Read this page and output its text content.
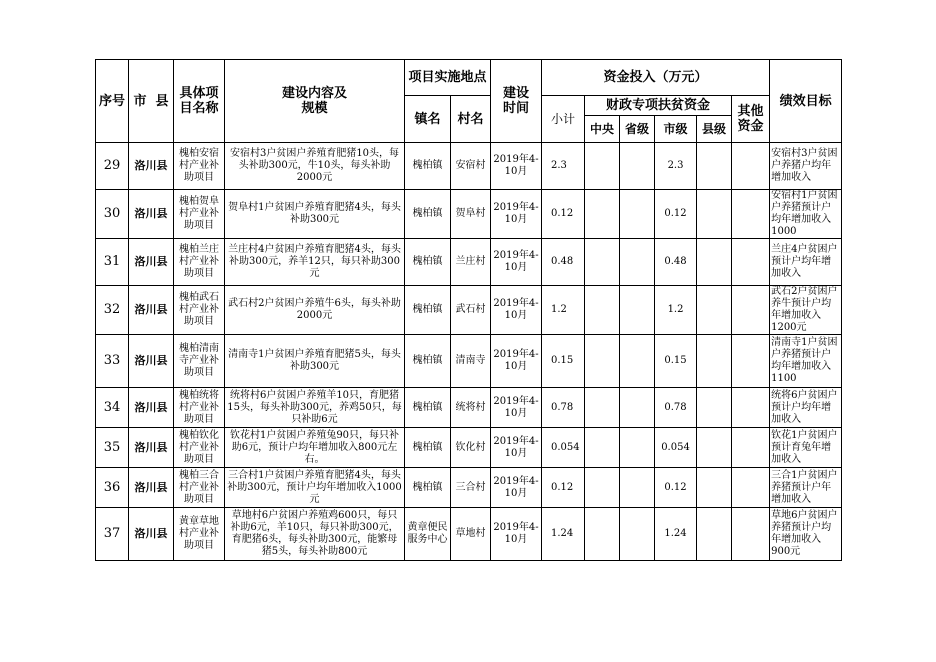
序号	市  县	具体项目名称	建设内容及规模	项目实施地点		建设时间	资金投入（万元）						绩效目标
				镇名	村名		小计	财政专项扶贫资金				其他资金	
								中央	省级	市级	县级		
29	洛川县	槐柏安宿村产业补助项目	安宿村3户贫困户养殖育肥猪10头，每头补助300元，牛10头，每头补助2000元	槐柏镇	安宿村	2019年4-10月	2.3			2.3			安宿村3户贫困户养猪户均年增加收入
30	洛川县	槐柏贺阜村产业补助项目	贺阜村1户贫困户养殖育肥猪4头，每头补助300元	槐柏镇	贺阜村	2019年4-10月	0.12			0.12			安宿村1户贫困户养猪预计户均年增加收入1000
31	洛川县	槐柏兰庄村产业补助项目	兰庄村4户贫困户养殖育肥猪4头，每头补助300元，养羊12只，每只补助300元	槐柏镇	兰庄村	2019年4-10月	0.48			0.48			兰庄4户贫困户预计户均年增加收入
32	洛川县	槐柏武石村产业补助项目	武石村2户贫困户养殖牛6头，每头补助2000元	槐柏镇	武石村	2019年4-10月	1.2			1.2			武石2户贫困户养牛预计户均年增加收入1200元
33	洛川县	槐柏清南寺产业补助项目	清南寺1户贫困户养殖育肥猪5头，每头补助300元	槐柏镇	清南寺	2019年4-10月	0.15			0.15			清南寺1户贫困户养猪预计户均年增加收入1100
34	洛川县	槐柏统将村产业补助项目	统将村6户贫困户养殖羊10只，育肥猪15头，每头补助300元，养鸡50只，每只补助6元	槐柏镇	统将村	2019年4-10月	0.78			0.78			统将6户贫困户预计户均年增加收入
35	洛川县	槐柏钦化村产业补助项目	钦花村1户贫困户养殖兔90只，每只补助6元，预计户均年增加收入800元左右。	槐柏镇	钦化村	2019年4-10月	0.054			0.054			钦花1户贫困户预计育兔年增加收入
36	洛川县	槐柏三合村产业补助项目	三合村1户贫困户养殖育肥猪4头，每头补助300元，预计户均年增加收入1000元	槐柏镇	三合村	2019年4-10月	0.12			0.12			三合1户贫困户养猪预计户年增加收入
37	洛川县	黄章草地村产业补助项目	草地村6户贫困户养殖鸡600只，每只补助6元，羊10只，每只补助300元，育肥猪6头，每头补助300元，能繁母猪5头，每头补助800元	黄章便民服务中心	草地村	2019年4-10月	1.24			1.24			草地6户贫困户养猪预计户均年增加收入900元
